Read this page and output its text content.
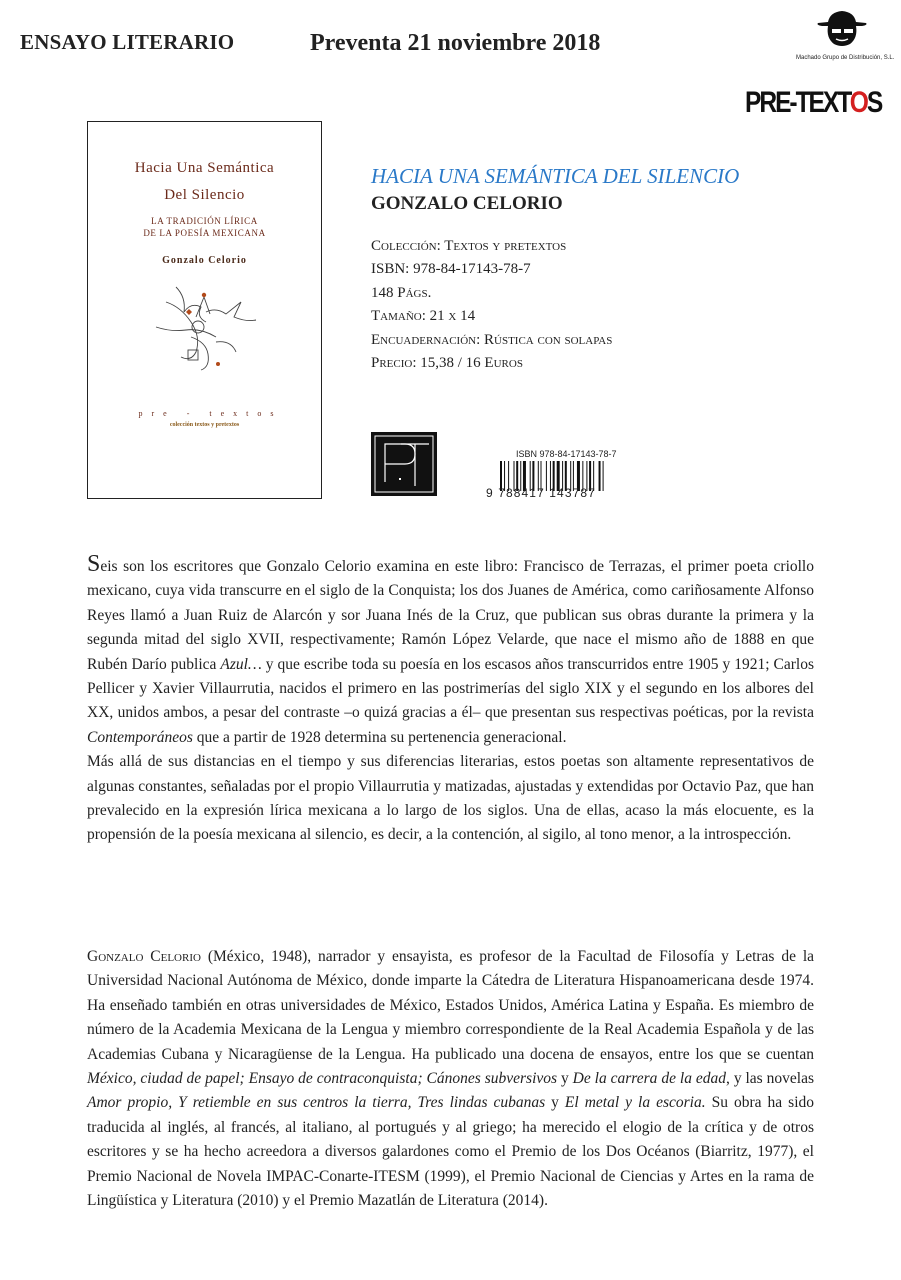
ENSAYO LITERARIO	Preventa 21 noviembre 2018
Machado Grupo de Distribución, S.L.
PRE-TEXTOS
Hacia Una Semántica
Del Silencio
LA TRADICIÓN LÍRICA
DE LA POESÍA MEXICANA
Gonzalo Celorio
pre - textos
colección textos y pretextos

HACIA UNA SEMÁNTICA DEL SILENCIO

GONZALO CELORIO

Colección: Textos y pretextos
ISBN: 978-84-17143-78-7
148 Págs.
Tamaño: 21 x 14
Encuadernación: Rústica con solapas
Precio: 15,38 / 16 Euros
ISBN 978-84-17143-78-7
9 788417 143787

Seis son los escritores que Gonzalo Celorio examina en este libro: Francisco de Terrazas, el primer poeta criollo mexicano, cuya vida transcurre en el siglo de la Conquista; los dos Juanes de América, como cariñosamente Alfonso Reyes llamó a Juan Ruiz de Alarcón y sor Juana Inés de la Cruz, que publican sus obras durante la primera y la segunda mitad del siglo XVII, respectivamente; Ramón López Velarde, que nace el mismo año de 1888 en que Rubén Darío publica Azul… y que escribe toda su poesía en los escasos años transcurridos entre 1905 y 1921; Carlos Pellicer y Xavier Villaurrutia, nacidos el primero en las postrimerías del siglo XIX y el segundo en los albores del XX, unidos ambos, a pesar del contraste –o quizá gracias a él– que presentan sus respectivas poéticas, por la revista Contemporáneos que a partir de 1928 determina su pertenencia generacional.

Más allá de sus distancias en el tiempo y sus diferencias literarias, estos poetas son altamente representativos de algunas constantes, señaladas por el propio Villaurrutia y matizadas, ajustadas y extendidas por Octavio Paz, que han prevalecido en la expresión lírica mexicana a lo largo de los siglos. Una de ellas, acaso la más elocuente, es la propensión de la poesía mexicana al silencio, es decir, a la contención, al sigilo, al tono menor, a la introspección.

Gonzalo Celorio (México, 1948), narrador y ensayista, es profesor de la Facultad de Filosofía y Letras de la Universidad Nacional Autónoma de México, donde imparte la Cátedra de Literatura Hispanoamericana desde 1974. Ha enseñado también en otras universidades de México, Estados Unidos, América Latina y España. Es miembro de número de la Academia Mexicana de la Lengua y miembro correspondiente de la Real Academia Española y de las Academias Cubana y Nicaragüense de la Lengua. Ha publicado una docena de ensayos, entre los que se cuentan México, ciudad de papel; Ensayo de contraconquista; Cánones subversivos y De la carrera de la edad, y las novelas Amor propio, Y retiemble en sus centros la tierra, Tres lindas cubanas y El metal y la escoria. Su obra ha sido traducida al inglés, al francés, al italiano, al portugués y al griego; ha merecido el elogio de la crítica y de otros escritores y se ha hecho acreedora a diversos galardones como el Premio de los Dos Océanos (Biarritz, 1977), el Premio Nacional de Novela IMPAC-Conarte-ITESM (1999), el Premio Nacional de Ciencias y Artes en la rama de Lingüística y Literatura (2010) y el Premio Mazatlán de Literatura (2014).
